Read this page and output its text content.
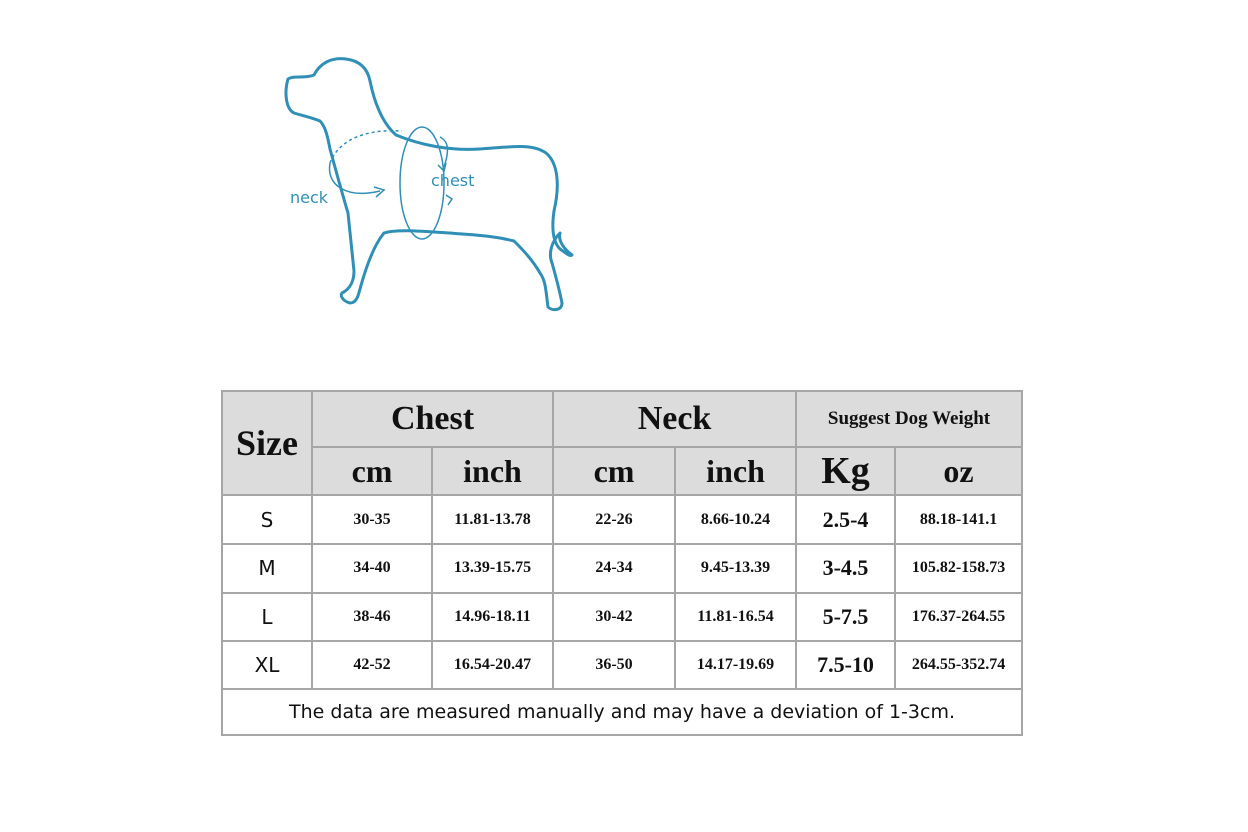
neck
chest
Size	Chest		Neck		Suggest Dog Weight	
	cm	inch	cm	inch	Kg	oz
S	30-35	11.81-13.78	22-26	8.66-10.24	2.5-4	88.18-141.1
M	34-40	13.39-15.75	24-34	9.45-13.39	3-4.5	105.82-158.73
L	38-46	14.96-18.11	30-42	11.81-16.54	5-7.5	176.37-264.55
XL	42-52	16.54-20.47	36-50	14.17-19.69	7.5-10	264.55-352.74
The data are measured manually and may have a deviation of 1-3cm.						
